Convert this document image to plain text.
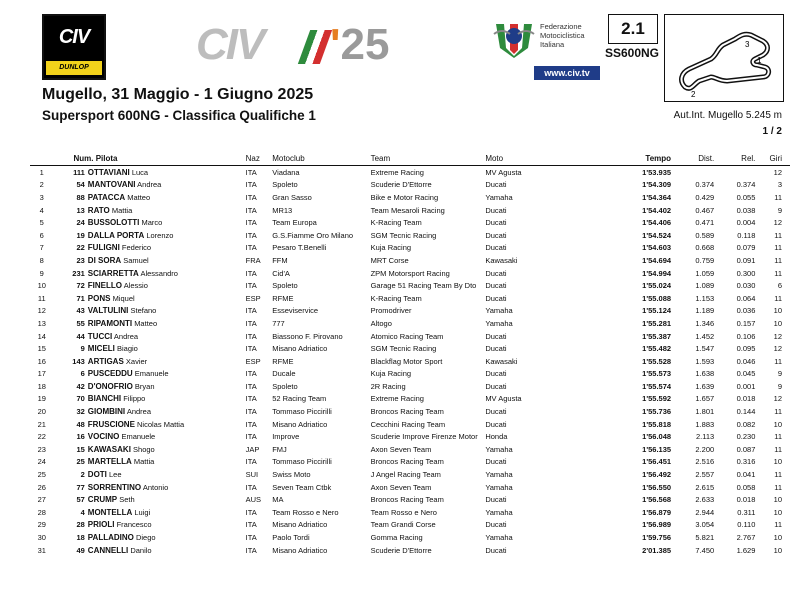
CIV
DUNLOP	CIV '25	Federazione
Motociclistica
Italiana
www.civ.tv
2.1
SS600NG
2
1
3
Mugello, 31 Maggio - 1 Giugno 2025
Supersport 600NG - Classifica Qualifiche 1	Aut.Int. Mugello 5.245 m
1 / 2
	Num. Pilota		Naz	Motoclub	Team	Moto	Tempo	Dist.	Rel.	Giri
1	111	OTTAVIANI Luca	ITA	Viadana	Extreme Racing	MV Agusta	1'53.935			12
2	54	MANTOVANI Andrea	ITA	Spoleto	Scuderie D'Ettorre	Ducati	1'54.309	0.374	0.374	3
3	88	PATACCA Matteo	ITA	Gran Sasso	Bike e Motor Racing	Yamaha	1'54.364	0.429	0.055	11
4	13	RATO Mattia	ITA	MR13	Team Mesaroli Racing	Ducati	1'54.402	0.467	0.038	9
5	24	BUSSOLOTTI Marco	ITA	Team Europa	K-Racing Team	Ducati	1'54.406	0.471	0.004	12
6	19	DALLA PORTA Lorenzo	ITA	G.S.Fiamme Oro Milano	SGM Tecnic Racing	Ducati	1'54.524	0.589	0.118	11
7	22	FULIGNI Federico	ITA	Pesaro T.Benelli	Kuja Racing	Ducati	1'54.603	0.668	0.079	11
8	23	DI SORA Samuel	FRA	FFM	MRT Corse	Kawasaki	1'54.694	0.759	0.091	11
9	231	SCIARRETTA Alessandro	ITA	Cid'A	ZPM Motorsport Racing	Ducati	1'54.994	1.059	0.300	11
10	72	FINELLO Alessio	ITA	Spoleto	Garage 51 Racing Team By Dto	Ducati	1'55.024	1.089	0.030	6
11	71	PONS Miquel	ESP	RFME	K-Racing Team	Ducati	1'55.088	1.153	0.064	11
12	43	VALTULINI Stefano	ITA	Esseviservice	Promodriver	Yamaha	1'55.124	1.189	0.036	10
13	55	RIPAMONTI Matteo	ITA	777	Altogo	Yamaha	1'55.281	1.346	0.157	10
14	44	TUCCI Andrea	ITA	Biassono F. Pirovano	Atomico Racing Team	Ducati	1'55.387	1.452	0.106	12
15	9	MICELI Biagio	ITA	Misano Adriatico	SGM Tecnic Racing	Ducati	1'55.482	1.547	0.095	12
16	143	ARTIGAS Xavier	ESP	RFME	Blackflag Motor Sport	Kawasaki	1'55.528	1.593	0.046	11
17	6	PUSCEDDU Emanuele	ITA	Ducale	Kuja Racing	Ducati	1'55.573	1.638	0.045	9
18	42	D'ONOFRIO Bryan	ITA	Spoleto	2R Racing	Ducati	1'55.574	1.639	0.001	9
19	70	BIANCHI Filippo	ITA	52 Racing Team	Extreme Racing	MV Agusta	1'55.592	1.657	0.018	12
20	32	GIOMBINI Andrea	ITA	Tommaso Piccirilli	Broncos Racing Team	Ducati	1'55.736	1.801	0.144	11
21	48	FRUSCIONE Nicolas Mattia	ITA	Misano Adriatico	Cecchini Racing Team	Ducati	1'55.818	1.883	0.082	10
22	16	VOCINO Emanuele	ITA	Improve	Scuderie Improve Firenze Motor	Honda	1'56.048	2.113	0.230	11
23	15	KAWASAKI Shogo	JAP	FMJ	Axon Seven Team	Yamaha	1'56.135	2.200	0.087	11
24	25	MARTELLA Mattia	ITA	Tommaso Piccirilli	Broncos Racing Team	Ducati	1'56.451	2.516	0.316	10
25	2	DOTI Lee	SUI	Swiss Moto	J Angel Racing Team	Yamaha	1'56.492	2.557	0.041	11
26	77	SORRENTINO Antonio	ITA	Seven Team Ctbk	Axon Seven Team	Yamaha	1'56.550	2.615	0.058	11
27	57	CRUMP Seth	AUS	MA	Broncos Racing Team	Ducati	1'56.568	2.633	0.018	10
28	4	MONTELLA Luigi	ITA	Team Rosso e Nero	Team Rosso e Nero	Yamaha	1'56.879	2.944	0.311	10
29	28	PRIOLI Francesco	ITA	Misano Adriatico	Team Grandi Corse	Ducati	1'56.989	3.054	0.110	11
30	18	PALLADINO Diego	ITA	Paolo Tordi	Gomma Racing	Yamaha	1'59.756	5.821	2.767	10
31	49	CANNELLI Danilo	ITA	Misano Adriatico	Scuderie D'Ettorre	Ducati	2'01.385	7.450	1.629	10
